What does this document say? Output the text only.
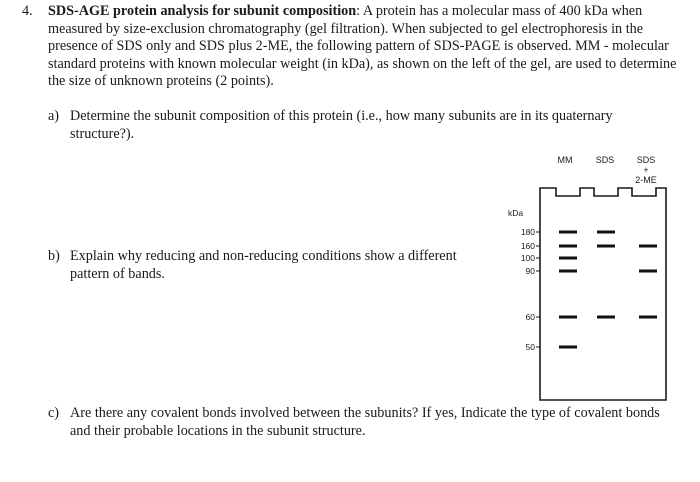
4. SDS-AGE protein analysis for subunit composition: A protein has a molecular mass of 400 kDa when measured by size-exclusion chromatography (gel filtration). When subjected to gel electrophoresis in the presence of SDS only and SDS plus 2-ME, the following pattern of SDS-PAGE is observed. MM - molecular standard proteins with known molecular weight (in kDa), as shown on the left of the gel, are used to determine the size of unknown proteins (2 points).
a) Determine the subunit composition of this protein (i.e., how many subunits are in its quaternary structure?).
b) Explain why reducing and non-reducing conditions show a different pattern of bands.
c) Are there any covalent bonds involved between the subunits? If yes, Indicate the type of covalent bonds and their probable locations in the subunit structure.
MM	SDS	SDS
+
2-ME
kDa
180
160
100
90
60
50
